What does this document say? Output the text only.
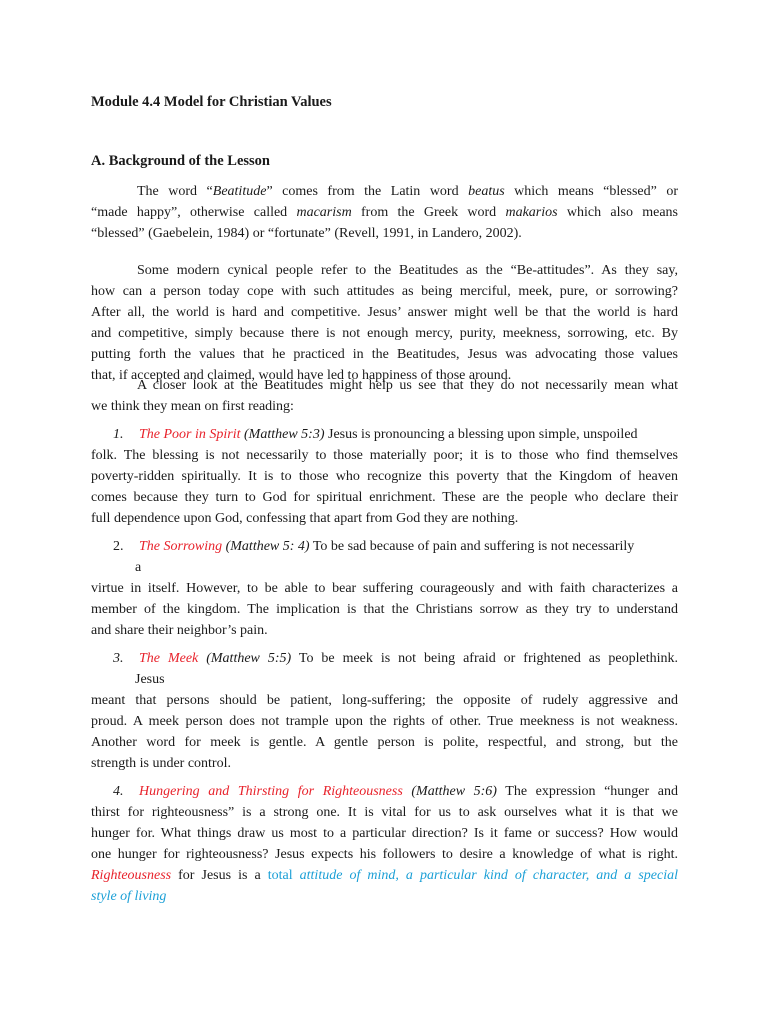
Module 4.4 Model for Christian Values
A. Background of the Lesson
The word “Beatitude” comes from the Latin word beatus which means “blessed” or
“made happy”, otherwise called macarism from the Greek word makarios which also means
“blessed” (Gaebelein, 1984) or “fortunate” (Revell, 1991, in Landero, 2002).
Some modern cynical people refer to the Beatitudes as the “Be-attitudes”. As they say,
how can a person today cope with such attitudes as being merciful, meek, pure, or sorrowing?
After all, the world is hard and competitive. Jesus’ answer might well be that the world is hard
and competitive, simply because there is not enough mercy, purity, meekness, sorrowing, etc. By
putting forth the values that he practiced in the Beatitudes, Jesus was advocating those values
that, if accepted and claimed, would have led to happiness of those around.
A closer look at the Beatitudes might help us see that they do not necessarily mean what
we think they mean on first reading:
1. The Poor in Spirit (Matthew 5:3) Jesus is pronouncing a blessing upon simple, unspoiled
folk. The blessing is not necessarily to those materially poor; it is to those who find themselves
poverty-ridden spiritually. It is to those who recognize this poverty that the Kingdom of heaven
comes because they turn to God for spiritual enrichment. These are the people who declare their
full dependence upon God, confessing that apart from God they are nothing.
2. The Sorrowing (Matthew 5: 4) To be sad because of pain and suffering is not necessarily
a
virtue in itself. However, to be able to bear suffering courageously and with faith characterizes a
member of the kingdom. The implication is that the Christians sorrow as they try to understand
and share their neighbor’s pain.
3. The Meek (Matthew 5:5) To be meek is not being afraid or frightened as peoplethink.
Jesus
meant that persons should be patient, long-suffering; the opposite of rudely aggressive and
proud. A meek person does not trample upon the rights of other. True meekness is not weakness.
Another word for meek is gentle. A gentle person is polite, respectful, and strong, but the
strength is under control.
4. Hungering and Thirsting for Righteousness (Matthew 5:6) The expression “hunger and
thirst for righteousness” is a strong one. It is vital for us to ask ourselves what it is that we
hunger for. What things draw us most to a particular direction? Is it fame or success? How would
one hunger for righteousness? Jesus expects his followers to desire a knowledge of what is right.
Righteousness for Jesus is a total attitude of mind, a particular kind of character, and a special
style of living
